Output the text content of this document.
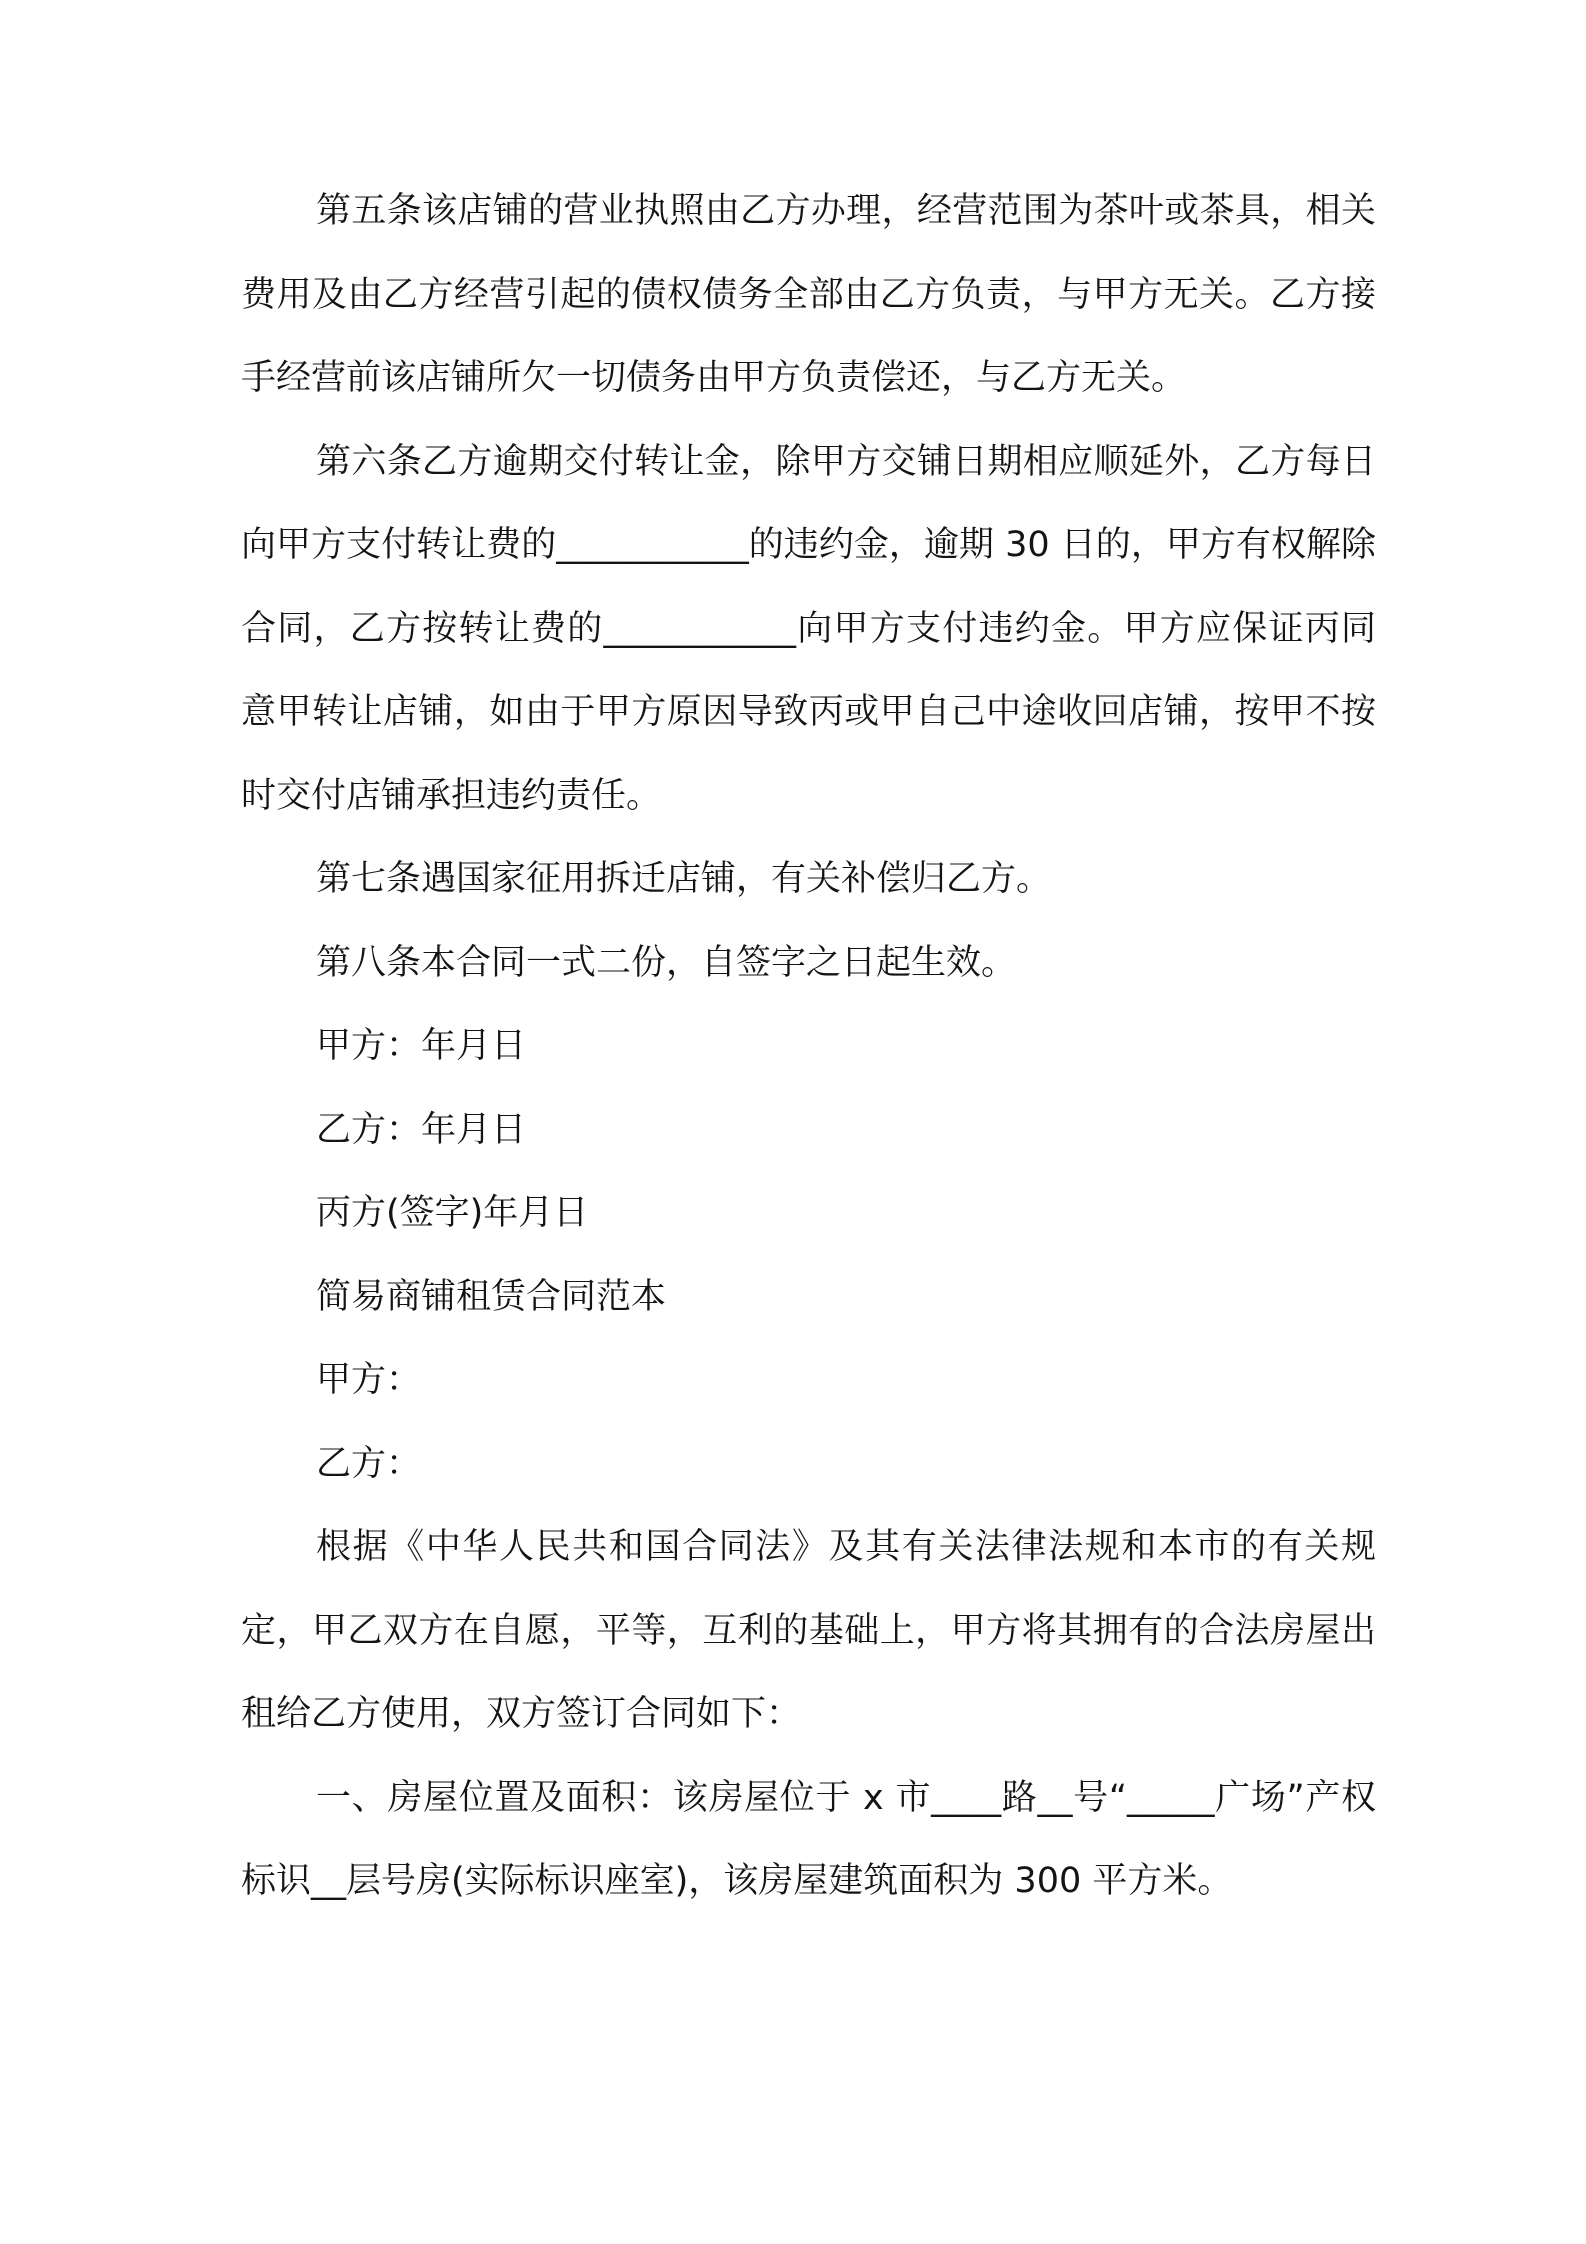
第五条该店铺的营业执照由乙方办理，经营范围为茶叶或茶具，相关费用及由乙方经营引起的债权债务全部由乙方负责，与甲方无关。乙方接手经营前该店铺所欠一切债务由甲方负责偿还，与乙方无关。

第六条乙方逾期交付转让金，除甲方交铺日期相应顺延外，乙方每日向甲方支付转让费的___________的违约金，逾期 30 日的，甲方有权解除合同，乙方按转让费的___________向甲方支付违约金。甲方应保证丙同意甲转让店铺，如由于甲方原因导致丙或甲自己中途收回店铺，按甲不按时交付店铺承担违约责任。

第七条遇国家征用拆迁店铺，有关补偿归乙方。

第八条本合同一式二份，自签字之日起生效。

甲方：年月日

乙方：年月日

丙方(签字)年月日

简易商铺租赁合同范本

甲方：

乙方：

根据《中华人民共和国合同法》及其有关法律法规和本市的有关规定，甲乙双方在自愿，平等，互利的基础上，甲方将其拥有的合法房屋出租给乙方使用，双方签订合同如下：

一、房屋位置及面积：该房屋位于 x 市____路__号“_____广场”产权标识__层号房(实际标识座室)，该房屋建筑面积为 300 平方米。
